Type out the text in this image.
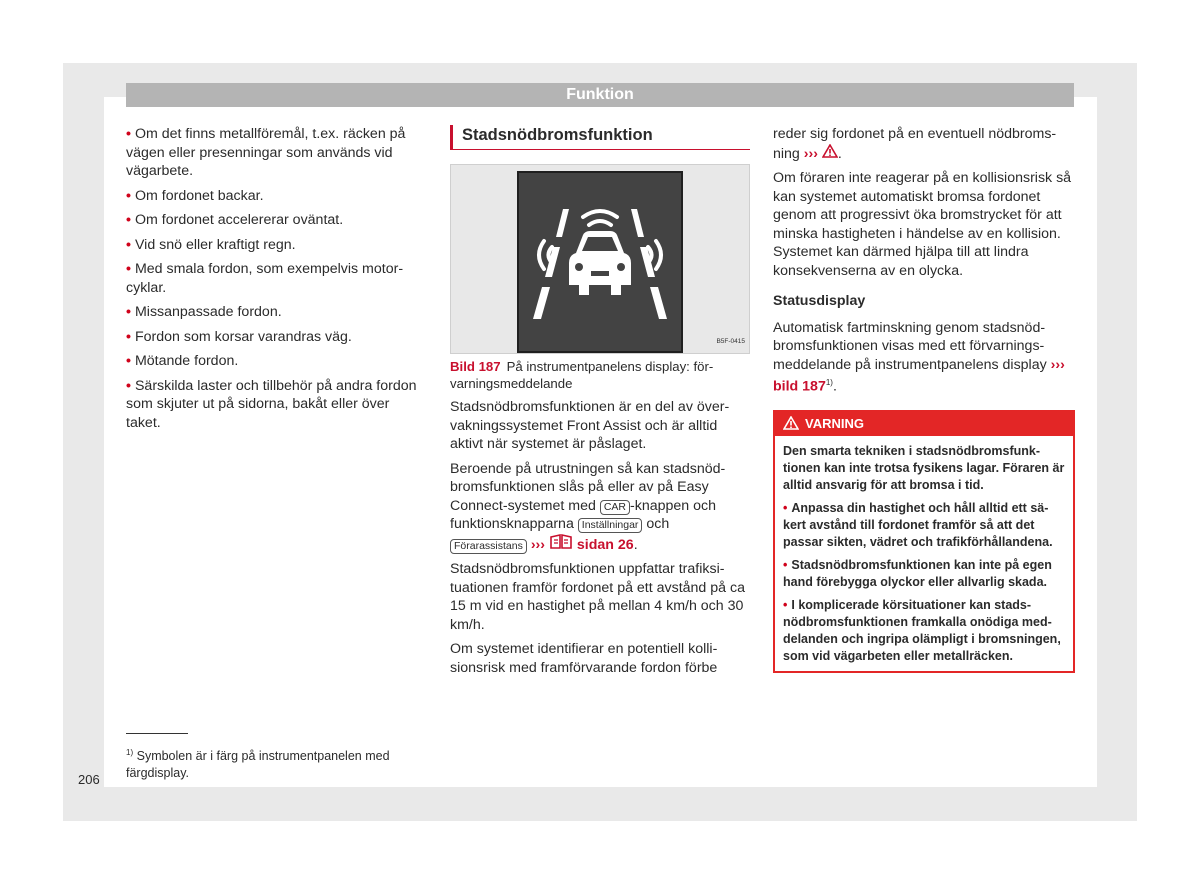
Funktion

• Om det finns metallföremål, t.ex. räcken på vägen eller presenningar som används vid vägarbete.

• Om fordonet backar.

• Om fordonet accelererar oväntat.

• Vid snö eller kraftigt regn.

• Med smala fordon, som exempelvis motorcyklar.

• Missanpassade fordon.

• Fordon som korsar varandras väg.

• Mötande fordon.

• Särskilda laster och tillbehör på andra fordon som skjuter ut på sidorna, bakåt eller över taket.

Stadsnödbromsfunktion
B5F-0415

Bild 187 På instrumentpanelens display: förvarningsmeddelande

Stadsnödbromsfunktionen är en del av övervakningssystemet Front Assist och är alltid aktivt när systemet är påslaget.

Beroende på utrustningen så kan stadsnödbromsfunktionen slås på eller av på Easy Connect-systemet med CAR -knappen och funktionsknapparna Inställningar och Förarassistans ››› sidan 26.

Stadsnödbromsfunktionen uppfattar trafiksituationen framför fordonet på ett avstånd på ca 15 m vid en hastighet på mellan 4 km/h och 30 km/h.

Om systemet identifierar en potentiell kollisionsrisk med framförvarande fordon förbe

reder sig fordonet på en eventuell nödbromsning ››› .

Om föraren inte reagerar på en kollisionsrisk så kan systemet automatiskt bromsa fordonet genom att progressivt öka bromstrycket för att minska hastigheten i händelse av en kollision. Systemet kan därmed hjälpa till att lindra konsekvenserna av en olycka.

Statusdisplay

Automatisk fartminskning genom stadsnödbromsfunktionen visas med ett förvarningsmeddelande på instrumentpanelens display ››› bild 187$^{1)}$.

VARNING

Den smarta tekniken i stadsnödbromsfunktionen kan inte trotsa fysikens lagar. Föraren är alltid ansvarig för att bromsa i tid.

• Anpassa din hastighet och håll alltid ett säkert avstånd till fordonet framför så att det passar sikten, vädret och trafikförhållandena.

• Stadsnödbromsfunktionen kan inte på egen hand förebygga olyckor eller allvarlig skada.

• I komplicerade körsituationer kan stadsnödbromsfunktionen framkalla onödiga meddelanden och ingripa olämpligt i bromsningen, som vid vägarbeten eller metallräcken.

$^{1)}$ Symbolen är i färg på instrumentpanelen med färgdisplay.
206
